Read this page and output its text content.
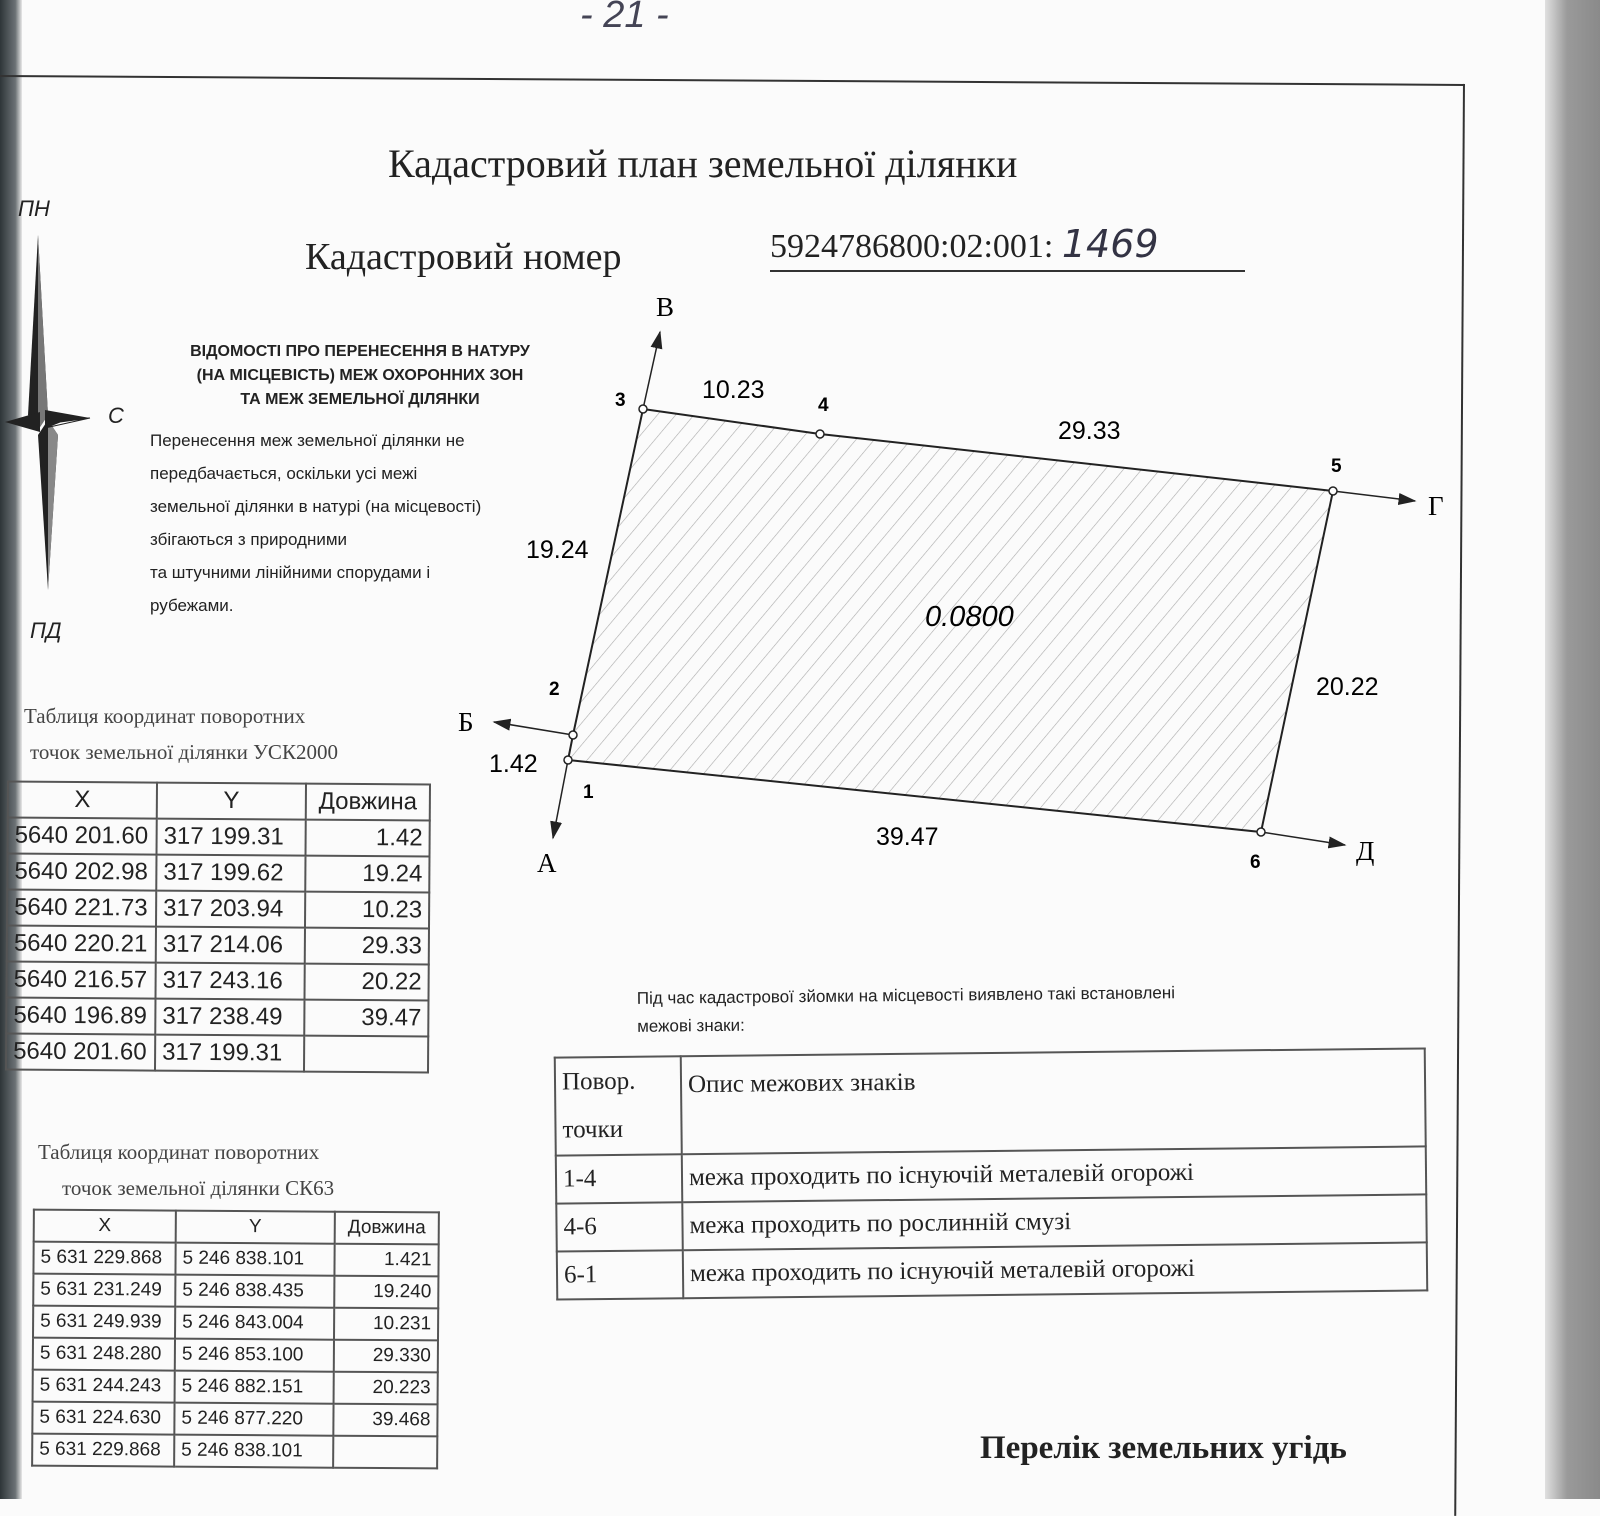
- 21 -
Кадастровий план земельної ділянки
Кадастровий номер	5924786800:02:001: 1469
ПН
ПД
С
ВІДОМОСТІ ПРО ПЕРЕНЕСЕННЯ В НАТУРУ
(НА МІСЦЕВІСТЬ) МЕЖ ОХОРОННИХ ЗОН
ТА МЕЖ ЗЕМЕЛЬНОЇ ДІЛЯНКИ
Перенесення меж земельної ділянки не
передбачається, оскільки усі межі
земельної ділянки в натурі (на місцевості)
збігаються з природними
та штучними лінійними спорудами і
рубежами.
1
2
3	4
5
6
А
Б
В
Г
Д
1.42
19.24
10.23
29.33
20.22
39.47
0.0800
Таблиця координат поворотних
точок земельної ділянки УСК2000
X	Y	Довжина
5640 201.60	317 199.31	1.42
5640 202.98	317 199.62	19.24
5640 221.73	317 203.94	10.23
5640 220.21	317 214.06	29.33
5640 216.57	317 243.16	20.22
5640 196.89	317 238.49	39.47
5640 201.60	317 199.31	
Таблиця координат поворотних
точок земельної ділянки СК63
X	Y	Довжина
5 631 229.868	5 246 838.101	1.421
5 631 231.249	5 246 838.435	19.240
5 631 249.939	5 246 843.004	10.231
5 631 248.280	5 246 853.100	29.330
5 631 244.243	5 246 882.151	20.223
5 631 224.630	5 246 877.220	39.468
5 631 229.868	5 246 838.101	
Під час кадастрової зйомки на місцевості виявлено такі встановлені
межові знаки:
Повор.
точки	Опис межових знаків
1-4	межа проходить по існуючій металевій огорожі
4-6	межа проходить по рослинній смузі
6-1	межа проходить по існуючій металевій огорожі
Перелік земельних угідь
